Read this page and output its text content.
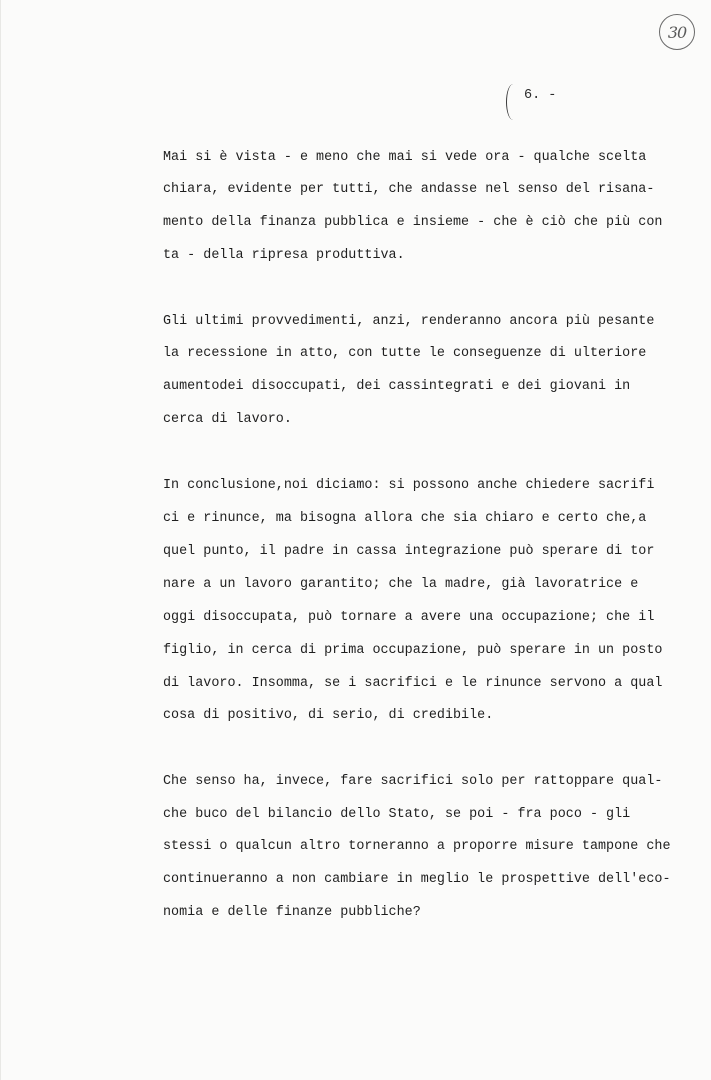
30
6. -
Mai si è vista - e meno che mai si vede ora - qualche scelta
chiara, evidente per tutti, che andasse nel senso del risana-
mento della finanza pubblica e insieme - che è ciò che più con
ta - della ripresa produttiva.
Gli ultimi provvedimenti, anzi, renderanno ancora più pesante
la recessione in atto, con tutte le conseguenze di ulteriore
aumentodei disoccupati, dei cassintegrati e dei giovani in
cerca di lavoro.
In conclusione,noi diciamo: si possono anche chiedere sacrifi
ci e rinunce, ma bisogna allora che sia chiaro e certo che,a
quel punto, il padre in cassa integrazione può sperare di tor
nare a un lavoro garantito; che la madre, già lavoratrice e
oggi disoccupata, può tornare a avere una occupazione; che il
figlio, in cerca di prima occupazione, può sperare in un posto
di lavoro. Insomma, se i sacrifici e le rinunce servono a qual
cosa di positivo, di serio, di credibile.
Che senso ha, invece, fare sacrifici solo per rattoppare qual-
che buco del bilancio dello Stato, se poi - fra poco - gli
stessi o qualcun altro torneranno a proporre misure tampone che
continueranno a non cambiare in meglio le prospettive dell'eco-
nomia e delle finanze pubbliche?
